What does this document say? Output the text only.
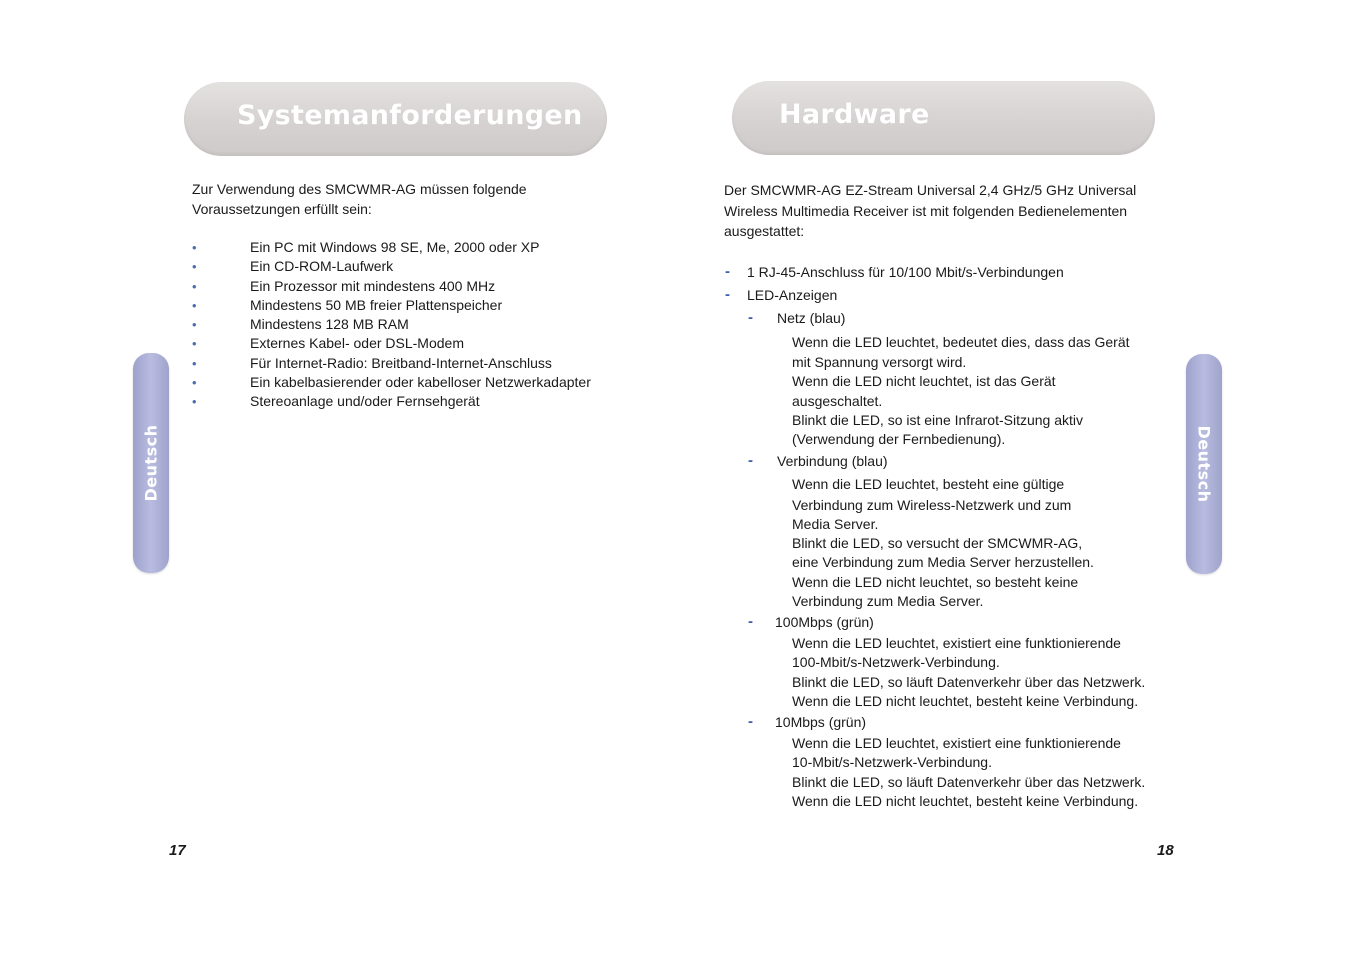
Systemanforderungen
Zur Verwendung des SMCWMR-AG müssen folgende Voraussetzungen erfüllt sein:
•	Ein PC mit Windows 98 SE, Me, 2000 oder XP
•	Ein CD-ROM-Laufwerk
•	Ein Prozessor mit mindestens 400 MHz
•	Mindestens 50 MB freier Plattenspeicher
•	Mindestens 128 MB RAM
•	Externes Kabel- oder DSL-Modem
•	Für Internet-Radio: Breitband-Internet-Anschluss
•	Ein kabelbasierender oder kabelloser Netzwerkadapter
•	Stereoanlage und/oder Fernsehgerät
Deutsch
17
Hardware
Der SMCWMR-AG EZ-Stream Universal 2,4 GHz/5 GHz Universal Wireless Multimedia Receiver ist mit folgenden Bedienelementen ausgestattet:
- 1 RJ-45-Anschluss für 10/100 Mbit/s-Verbindungen
- LED-Anzeigen
- Netz (blau)
Wenn die LED leuchtet, bedeutet dies, dass das Gerät
mit Spannung versorgt wird.
Wenn die LED nicht leuchtet, ist das Gerät
ausgeschaltet.
Blinkt die LED, so ist eine Infrarot-Sitzung aktiv
(Verwendung der Fernbedienung).
- Verbindung (blau)
Wenn die LED leuchtet, besteht eine gültige
Verbindung zum Wireless-Netzwerk und zum
Media Server.
Blinkt die LED, so versucht der SMCWMR-AG,
eine Verbindung zum Media Server herzustellen.
Wenn die LED nicht leuchtet, so besteht keine
Verbindung zum Media Server.
- 100Mbps (grün)
Wenn die LED leuchtet, existiert eine funktionierende
100-Mbit/s-Netzwerk-Verbindung.
Blinkt die LED, so läuft Datenverkehr über das Netzwerk.
Wenn die LED nicht leuchtet, besteht keine Verbindung.
- 10Mbps (grün)
Wenn die LED leuchtet, existiert eine funktionierende
10-Mbit/s-Netzwerk-Verbindung.
Blinkt die LED, so läuft Datenverkehr über das Netzwerk.
Wenn die LED nicht leuchtet, besteht keine Verbindung.
Deutsch
18
